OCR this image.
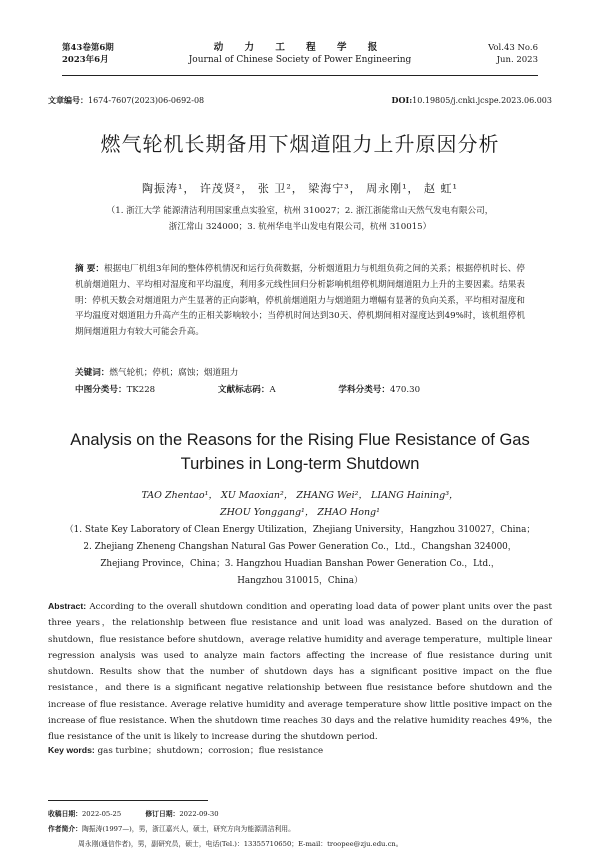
第43卷第6期
2023年6月
动 力 工 程 学 报
Journal of Chinese Society of Power Engineering
Vol.43 No.6
Jun. 2023
文章编号：1674-7607(2023)06-0692-08	DOI:10.19805/j.cnki.jcspe.2023.06.003
燃气轮机长期备用下烟道阻力上升原因分析
陶振涛¹， 许茂贤²， 张 卫²， 梁海宁³， 周永刚¹， 赵 虹¹
（1. 浙江大学 能源清洁利用国家重点实验室，杭州 310027；2. 浙江浙能常山天然气发电有限公司，
浙江常山 324000；3. 杭州华电半山发电有限公司，杭州 310015）
摘 要：根据电厂机组3年间的整体停机情况和运行负荷数据，分析烟道阻力与机组负荷之间的关系；根据停机时长、停机前烟道阻力、平均相对湿度和平均温度，利用多元线性回归分析影响机组停机期间烟道阻力上升的主要因素。结果表明：停机天数会对烟道阻力产生显著的正向影响，停机前烟道阻力与烟道阻力增幅有显著的负向关系，平均相对湿度和平均温度对烟道阻力升高产生的正相关影响较小；当停机时间达到30天、停机期间相对湿度达到49%时，该机组停机期间烟道阻力有较大可能会升高。
关键词：燃气轮机；停机；腐蚀；烟道阻力
中图分类号：TK228	文献标志码：A	学科分类号：470.30
Analysis on the Reasons for the Rising Flue Resistance of Gas Turbines in Long-term Shutdown
TAO Zhentao¹， XU Maoxian²， ZHANG Wei²， LIANG Haining³，
ZHOU Yonggang¹， ZHAO Hong¹
（1. State Key Laboratory of Clean Energy Utilization，Zhejiang University，Hangzhou 310027，China；
2. Zhejiang Zheneng Changshan Natural Gas Power Generation Co.，Ltd.，Changshan 324000，
Zhejiang Province，China；3. Hangzhou Huadian Banshan Power Generation Co.，Ltd.，
Hangzhou 310015，China）
Abstract: According to the overall shutdown condition and operating load data of power plant units over the past three years，the relationship between flue resistance and unit load was analyzed. Based on the duration of shutdown，flue resistance before shutdown，average relative humidity and average temperature，multiple linear regression analysis was used to analyze main factors affecting the increase of flue resistance during unit shutdown. Results show that the number of shutdown days has a significant positive impact on the flue resistance，and there is a significant negative relationship between flue resistance before shutdown and the increase of flue resistance. Average relative humidity and average temperature show little positive impact on the increase of flue resistance. When the shutdown time reaches 30 days and the relative humidity reaches 49%，the flue resistance of the unit is likely to increase during the shutdown period.
Key words: gas turbine；shutdown；corrosion；flue resistance
收稿日期：2022-05-25	修订日期：2022-09-30
作者简介：陶振涛(1997—)，男，浙江嘉兴人，硕士，研究方向为能源清洁利用。
周永刚(通信作者)，男，副研究员，硕士，电话(Tel.)：13355710650；E-mail：troopee@zju.edu.cn。
